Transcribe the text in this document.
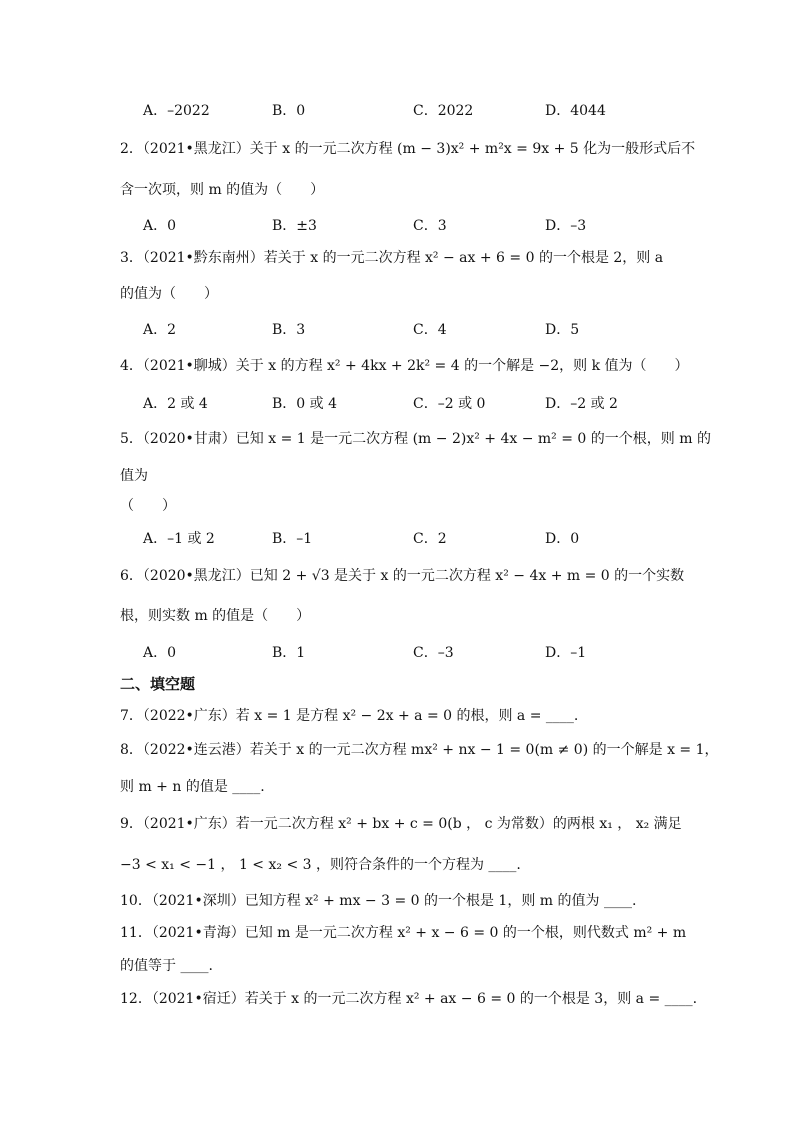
A．–2022	B．0	C．2022	D．4044
2．（2021•黑龙江）关于 x 的一元二次方程 (m − 3)x² + m²x = 9x + 5 化为一般形式后不
含一次项，则 m 的值为（　　）
A．0	B．±3	C．3	D．–3
3．（2021•黔东南州）若关于 x 的一元二次方程 x² − ax + 6 = 0 的一个根是 2，则 a
的值为（　　）
A．2	B．3	C．4	D．5
4．（2021•聊城）关于 x 的方程 x² + 4kx + 2k² = 4 的一个解是 −2，则 k 值为（　　）
A．2 或 4	B．0 或 4	C．–2 或 0	D．–2 或 2
5．（2020•甘肃）已知 x = 1 是一元二次方程 (m − 2)x² + 4x − m² = 0 的一个根，则 m 的
值为
（　　）
A．–1 或 2	B．–1	C．2	D．0
6．（2020•黑龙江）已知 2 + √3 是关于 x 的一元二次方程 x² − 4x + m = 0 的一个实数
根，则实数 m 的值是（　　）
A．0	B．1	C．–3	D．–1
二、填空题
7．（2022•广东）若 x = 1 是方程 x² − 2x + a = 0 的根，则 a = ____.
8．（2022•连云港）若关于 x 的一元二次方程 mx² + nx − 1 = 0(m ≠ 0) 的一个解是 x = 1，
则 m + n 的值是 ____.
9．（2021•广东）若一元二次方程 x² + bx + c = 0(b ， c 为常数）的两根 x₁ ， x₂ 满足
−3 < x₁ < −1 ， 1 < x₂ < 3 ，则符合条件的一个方程为 ____.
10．（2021•深圳）已知方程 x² + mx − 3 = 0 的一个根是 1，则 m 的值为 ____.
11．（2021•青海）已知 m 是一元二次方程 x² + x − 6 = 0 的一个根，则代数式 m² + m
的值等于 ____.
12．（2021•宿迁）若关于 x 的一元二次方程 x² + ax − 6 = 0 的一个根是 3，则 a = ____.
